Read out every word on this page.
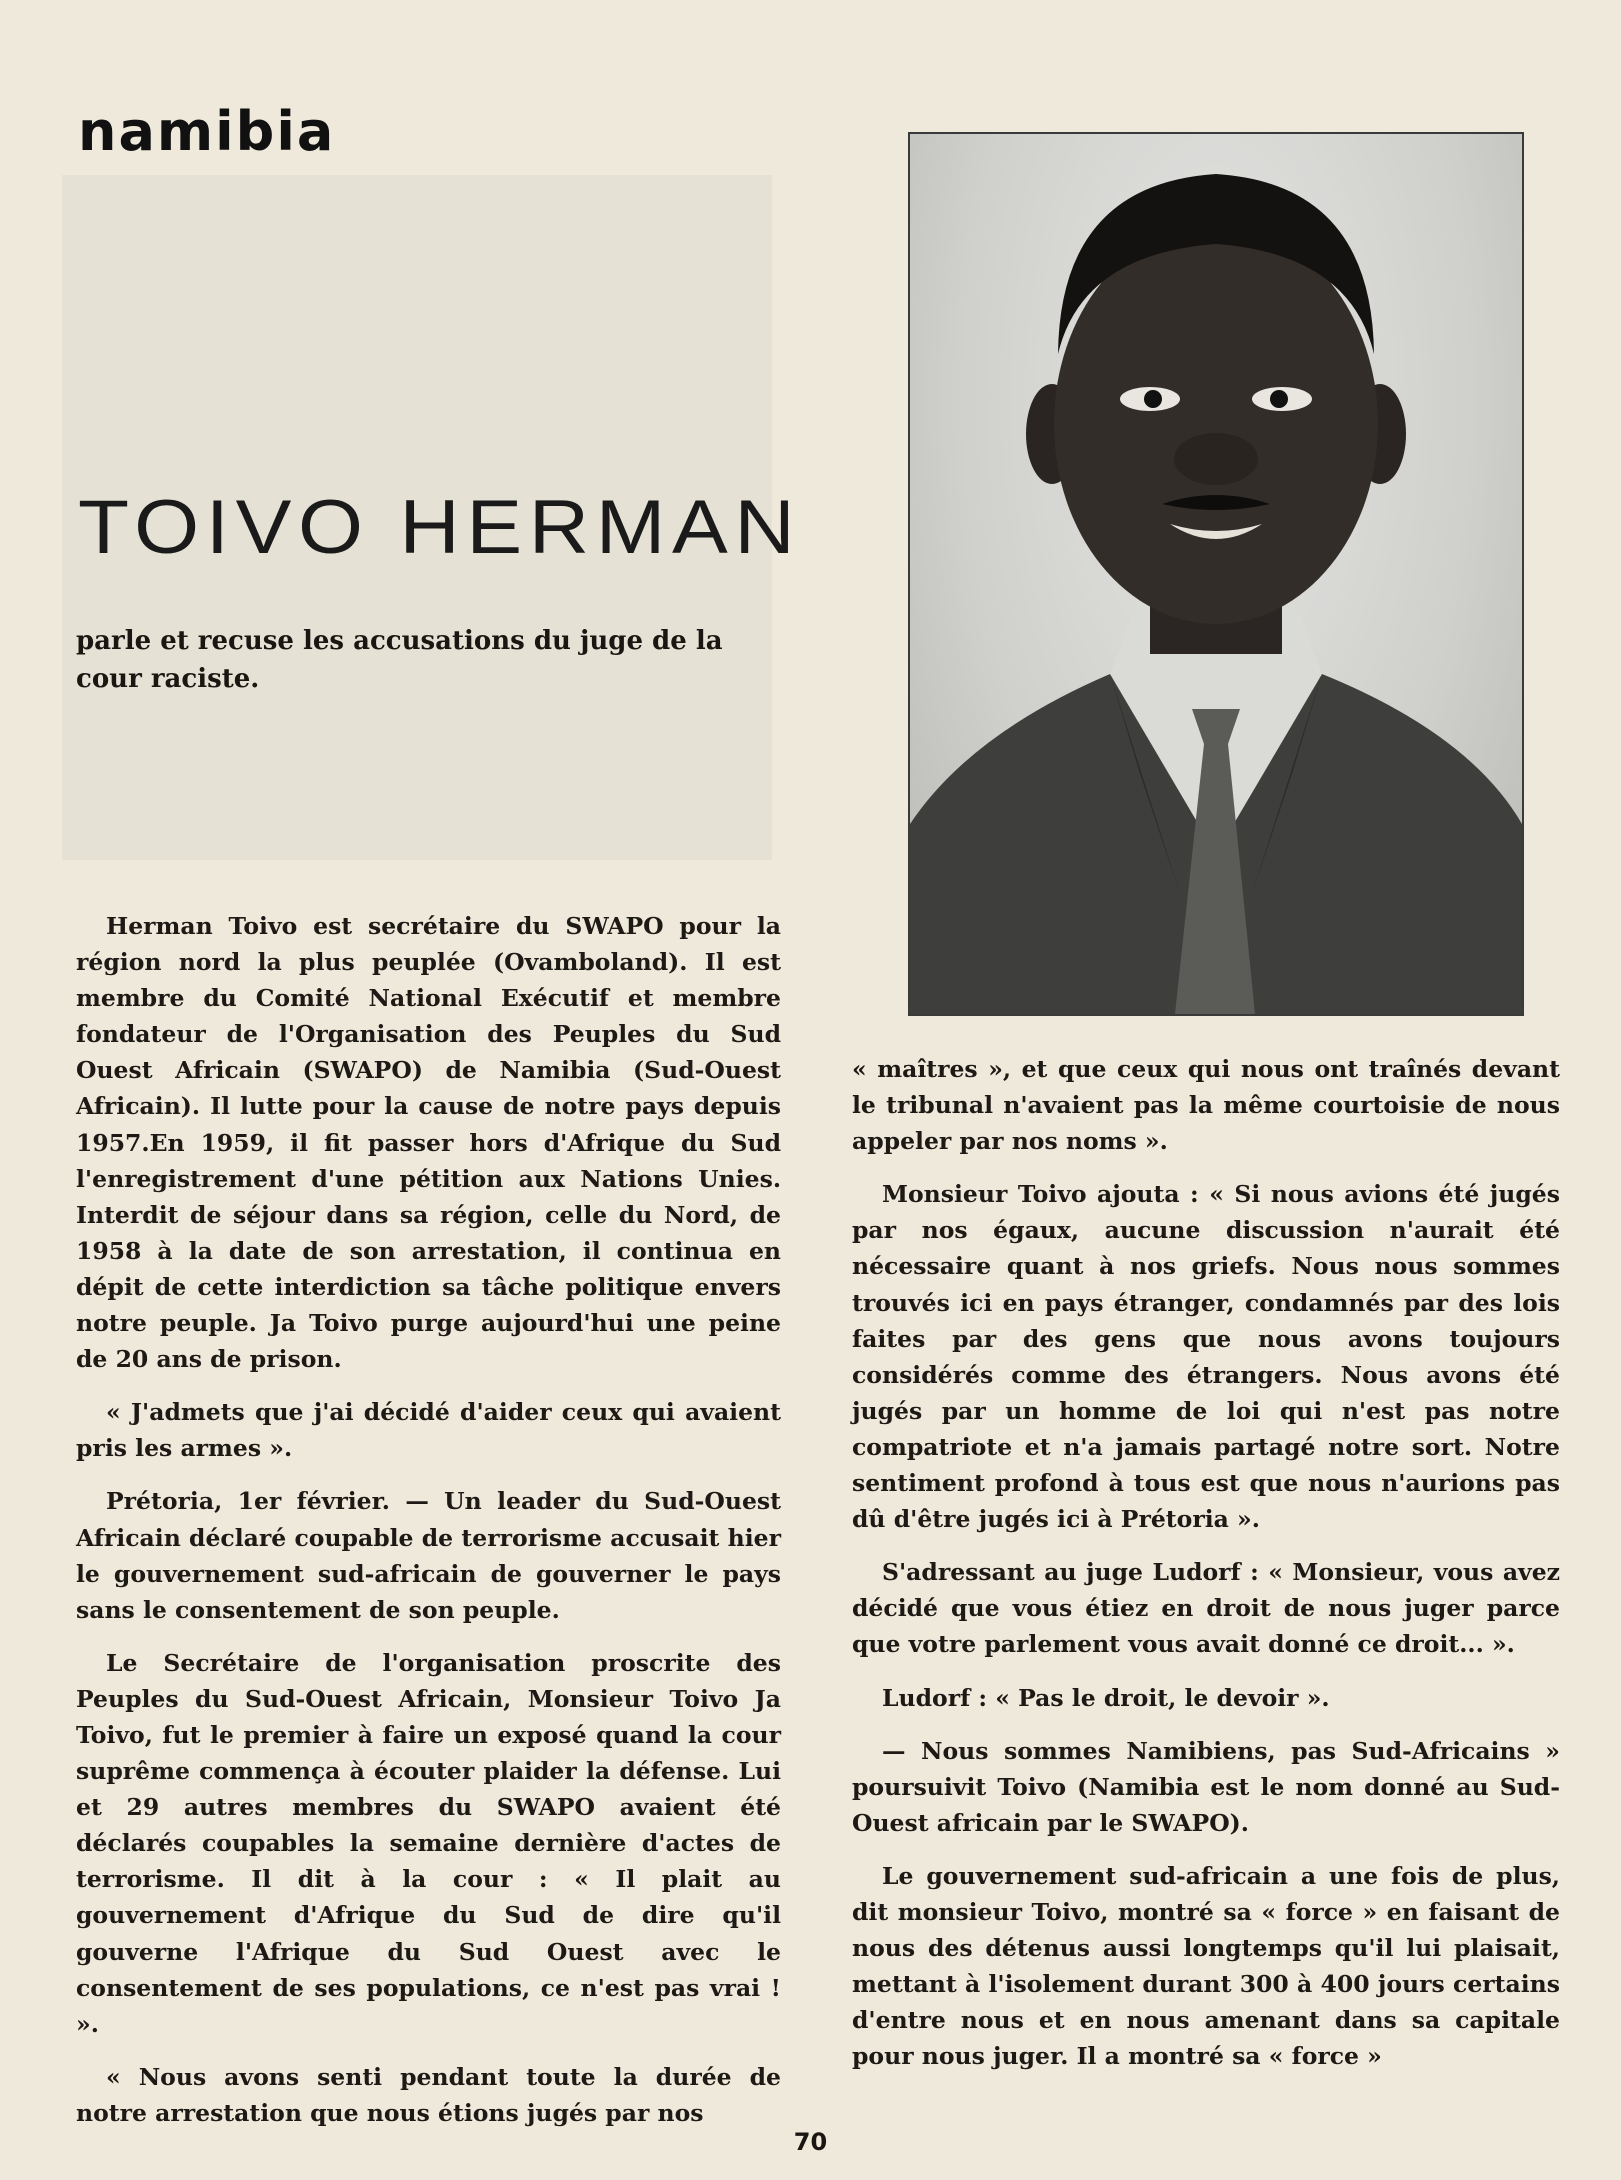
namibia
TOIVO HERMAN
parle et recuse les accusations du juge de la cour raciste.

Herman Toivo est secrétaire du SWAPO pour la région nord la plus peuplée (Ovamboland). Il est membre du Comité National Exécutif et membre fondateur de l'Organisation des Peuples du Sud Ouest Africain (SWAPO) de Namibia (Sud-Ouest Africain). Il lutte pour la cause de notre pays depuis 1957.En 1959, il fit passer hors d'Afrique du Sud l'enregistrement d'une pétition aux Nations Unies. Interdit de séjour dans sa région, celle du Nord, de 1958 à la date de son arrestation, il continua en dépit de cette interdiction sa tâche politique envers notre peuple. Ja Toivo purge aujourd'hui une peine de 20 ans de prison.

« J'admets que j'ai décidé d'aider ceux qui avaient pris les armes ».

Prétoria, 1er février. — Un leader du Sud-Ouest Africain déclaré coupable de terrorisme accusait hier le gouvernement sud-africain de gouverner le pays sans le consentement de son peuple.

Le Secrétaire de l'organisation proscrite des Peuples du Sud-Ouest Africain, Monsieur Toivo Ja Toivo, fut le premier à faire un exposé quand la cour suprême commença à écouter plaider la défense. Lui et 29 autres membres du SWAPO avaient été déclarés coupables la semaine dernière d'actes de terrorisme. Il dit à la cour : « Il plait au gouvernement d'Afrique du Sud de dire qu'il gouverne l'Afrique du Sud Ouest avec le consentement de ses populations, ce n'est pas vrai ! ».

« Nous avons senti pendant toute la durée de notre arrestation que nous étions jugés par nos

« maîtres », et que ceux qui nous ont traînés devant le tribunal n'avaient pas la même courtoisie de nous appeler par nos noms ».

Monsieur Toivo ajouta : « Si nous avions été jugés par nos égaux, aucune discussion n'aurait été nécessaire quant à nos griefs. Nous nous sommes trouvés ici en pays étranger, condamnés par des lois faites par des gens que nous avons toujours considérés comme des étrangers. Nous avons été jugés par un homme de loi qui n'est pas notre compatriote et n'a jamais partagé notre sort. Notre sentiment profond à tous est que nous n'aurions pas dû d'être jugés ici à Prétoria ».

S'adressant au juge Ludorf : « Monsieur, vous avez décidé que vous étiez en droit de nous juger parce que votre parlement vous avait donné ce droit... ».

Ludorf : « Pas le droit, le devoir ».

— Nous sommes Namibiens, pas Sud-Africains » poursuivit Toivo (Namibia est le nom donné au Sud-Ouest africain par le SWAPO).

Le gouvernement sud-africain a une fois de plus, dit monsieur Toivo, montré sa « force » en faisant de nous des détenus aussi longtemps qu'il lui plaisait, mettant à l'isolement durant 300 à 400 jours certains d'entre nous et en nous amenant dans sa capitale pour nous juger. Il a montré sa « force »

70
